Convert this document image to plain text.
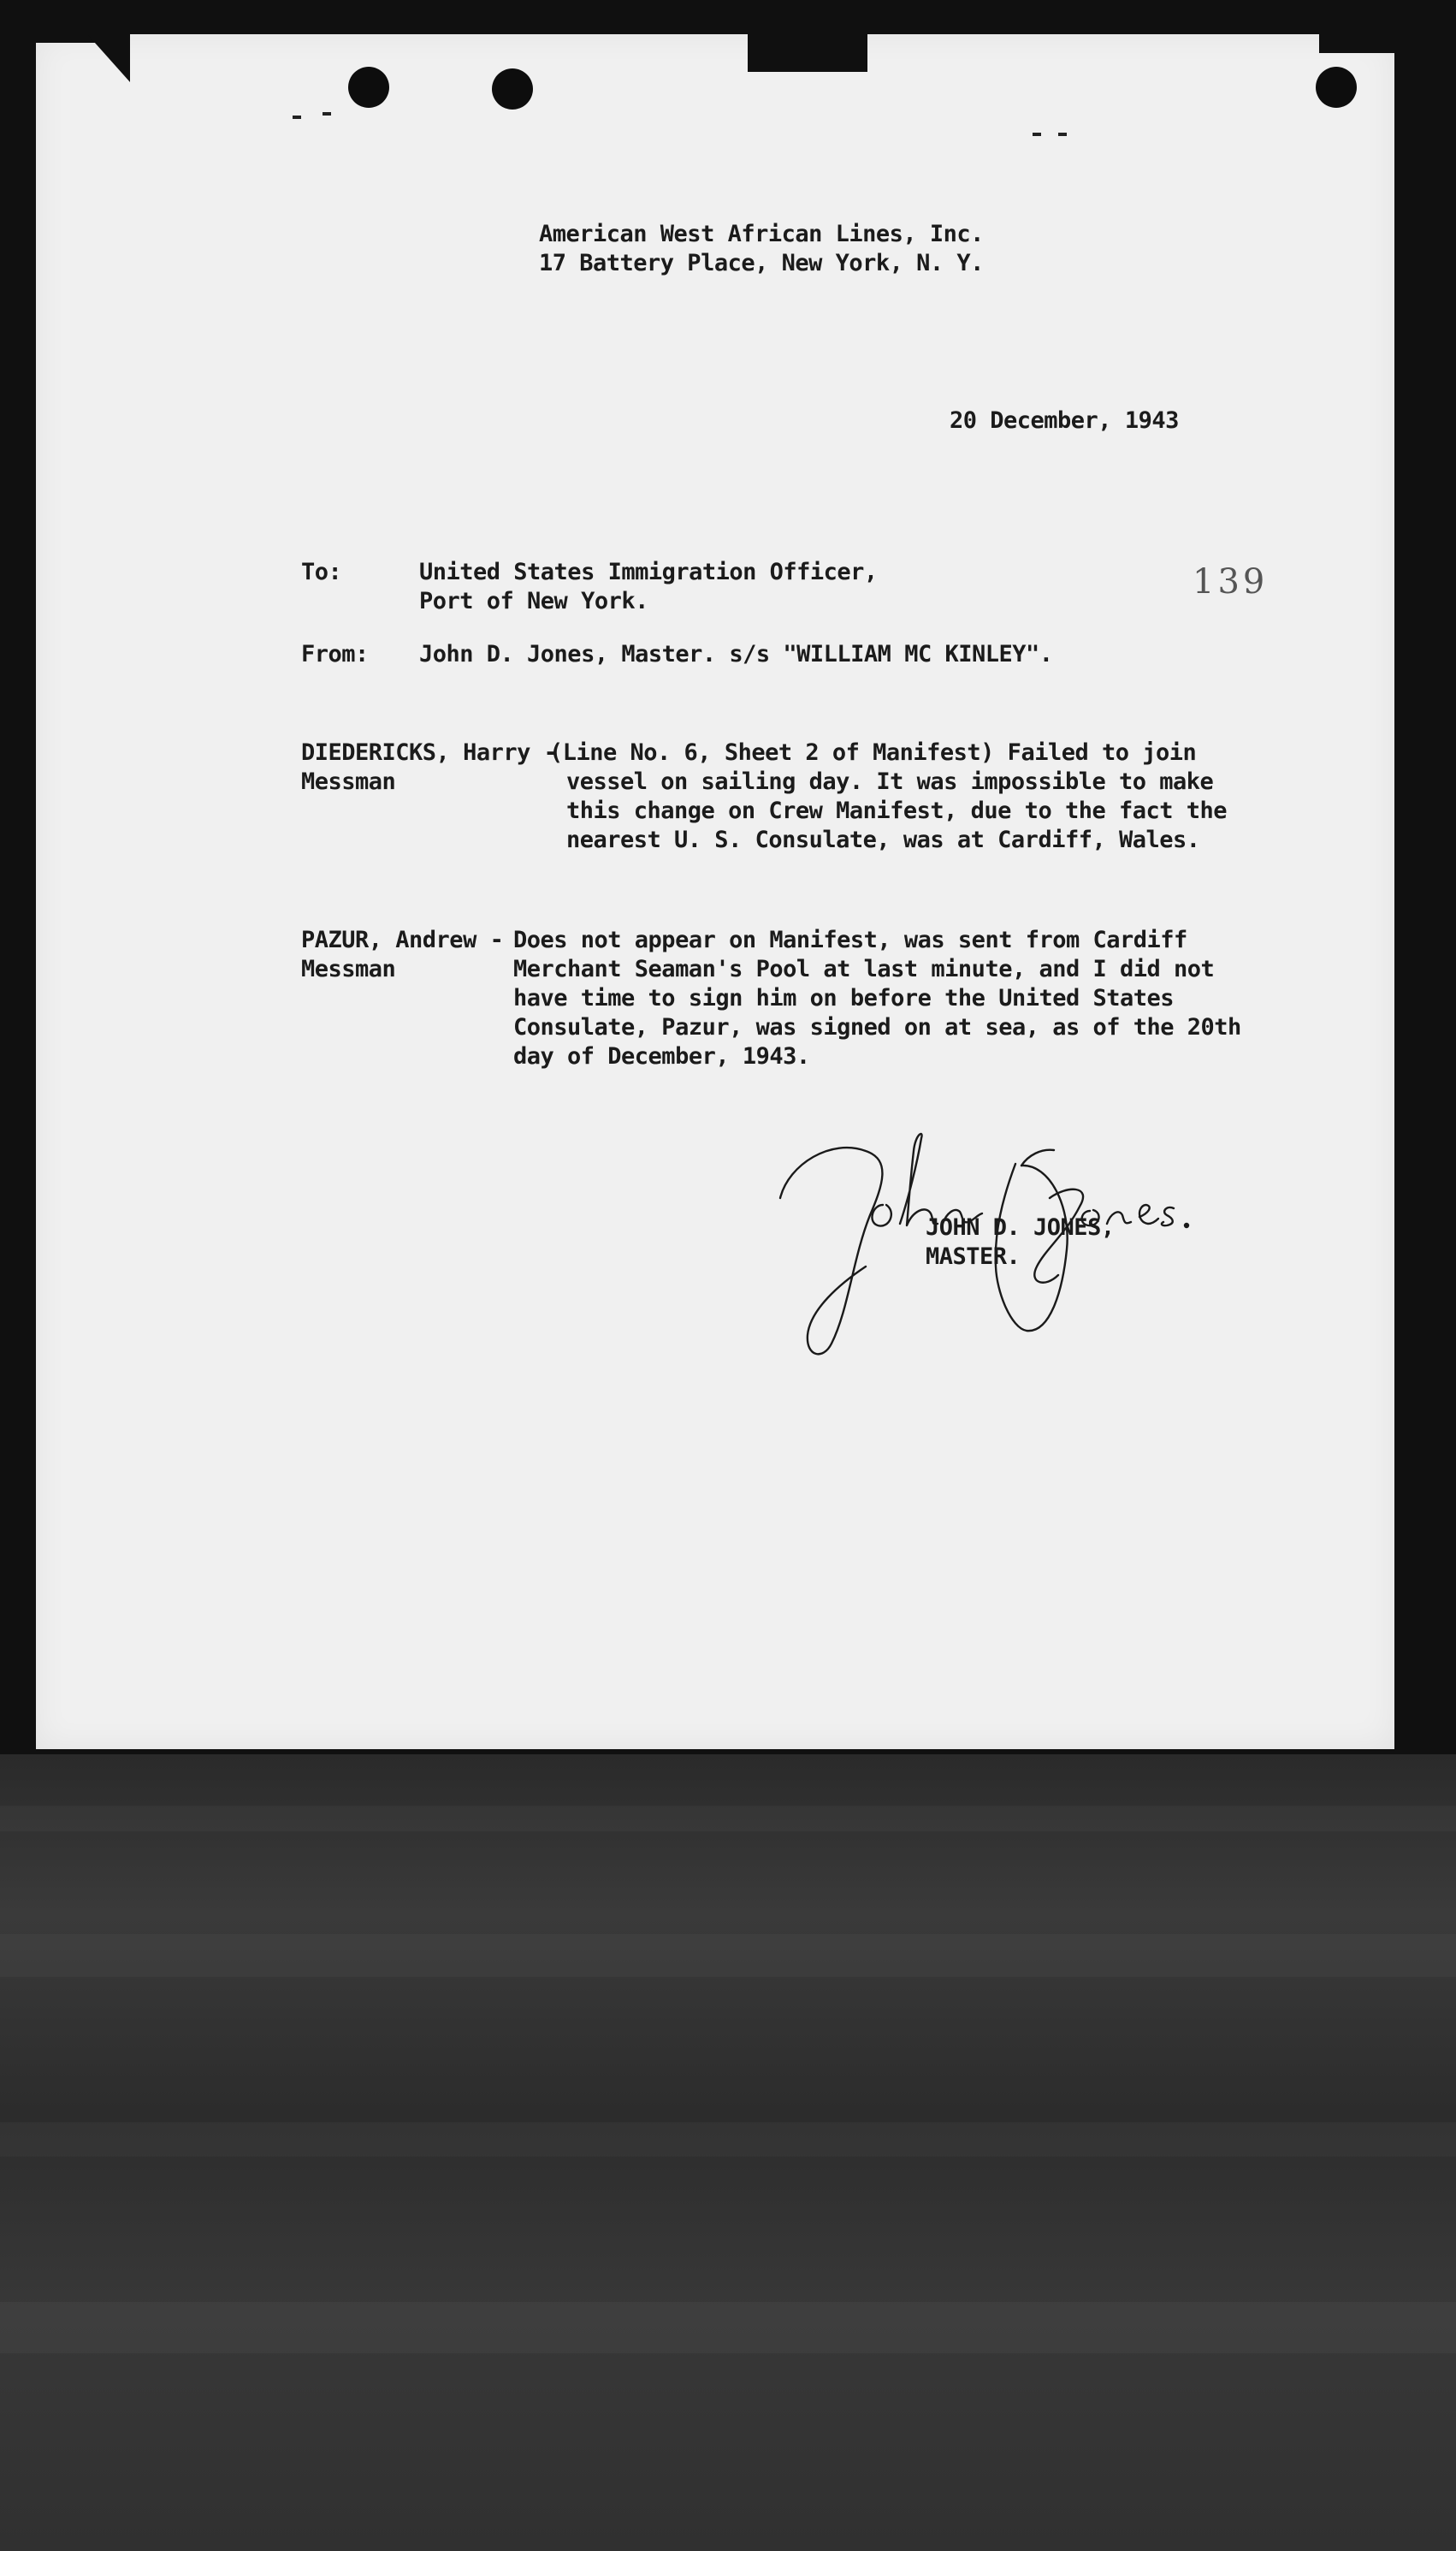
American West African Lines, Inc.
17 Battery Place, New York, N. Y.
20 December, 1943
139
To:	United States Immigration Officer,
Port of New York.
From: John D. Jones, Master. s/s "WILLIAM MC KINLEY".
DIEDERICKS, Harry -
Messman
(Line No. 6, Sheet 2 of Manifest) Failed to join
vessel on sailing day. It was impossible to make
this change on Crew Manifest, due to the fact the
nearest U. S. Consulate, was at Cardiff, Wales.
PAZUR, Andrew -
Messman
Does not appear on Manifest, was sent from Cardiff
Merchant Seaman's Pool at last minute, and I did not
have time to sign him on before the United States
Consulate, Pazur, was signed on at sea, as of the 20th
day of December, 1943.
JOHN D. JONES,
MASTER.
